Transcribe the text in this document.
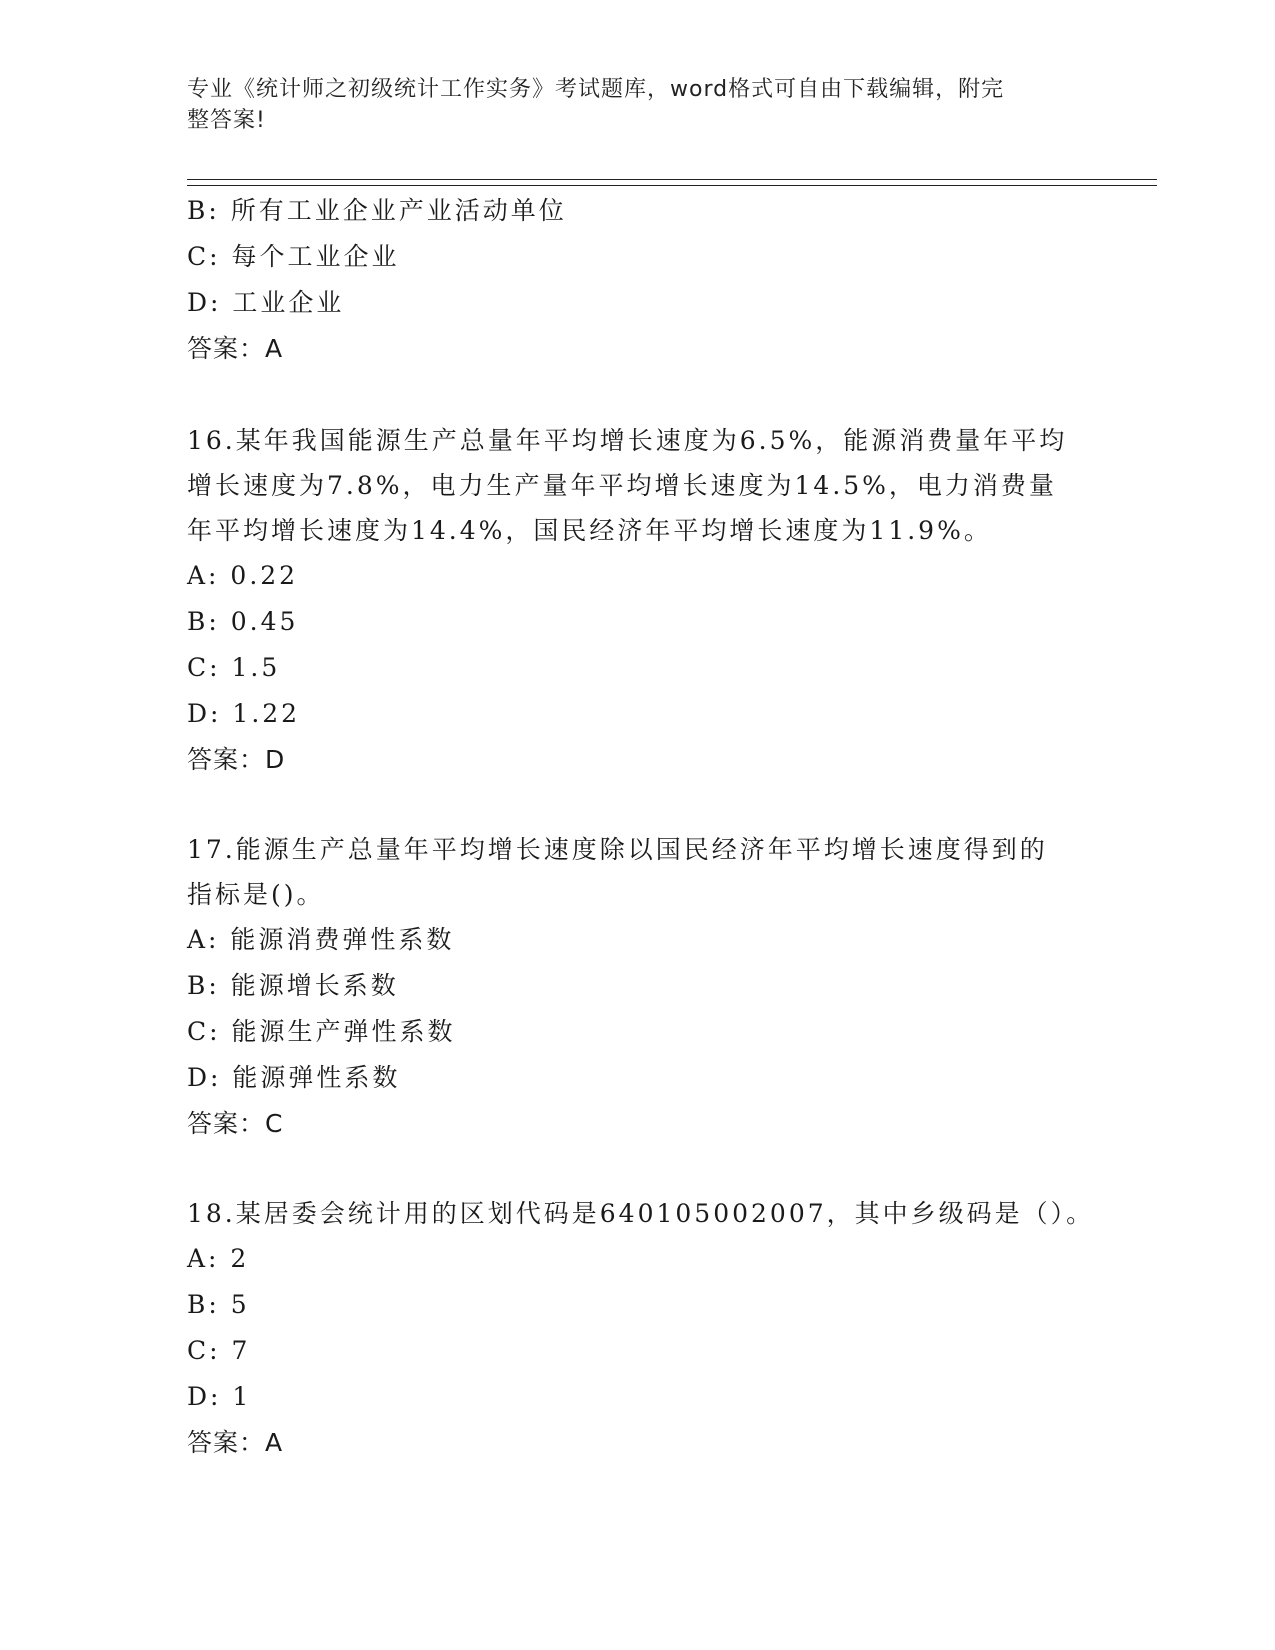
专业《统计师之初级统计工作实务》考试题库，word格式可自由下载编辑，附完
整答案!
B: 所有工业企业产业活动单位
C: 每个工业企业
D: 工业企业
答案：A
16.某年我国能源生产总量年平均增长速度为6.5%，能源消费量年平均
增长速度为7.8%，电力生产量年平均增长速度为14.5%，电力消费量
年平均增长速度为14.4%，国民经济年平均增长速度为11.9%。
A: 0.22
B: 0.45
C: 1.5
D: 1.22
答案：D
17.能源生产总量年平均增长速度除以国民经济年平均增长速度得到的
指标是()。
A: 能源消费弹性系数
B: 能源增长系数
C: 能源生产弹性系数
D: 能源弹性系数
答案：C
18.某居委会统计用的区划代码是640105002007，其中乡级码是（）。
A: 2
B: 5
C: 7
D: 1
答案：A
